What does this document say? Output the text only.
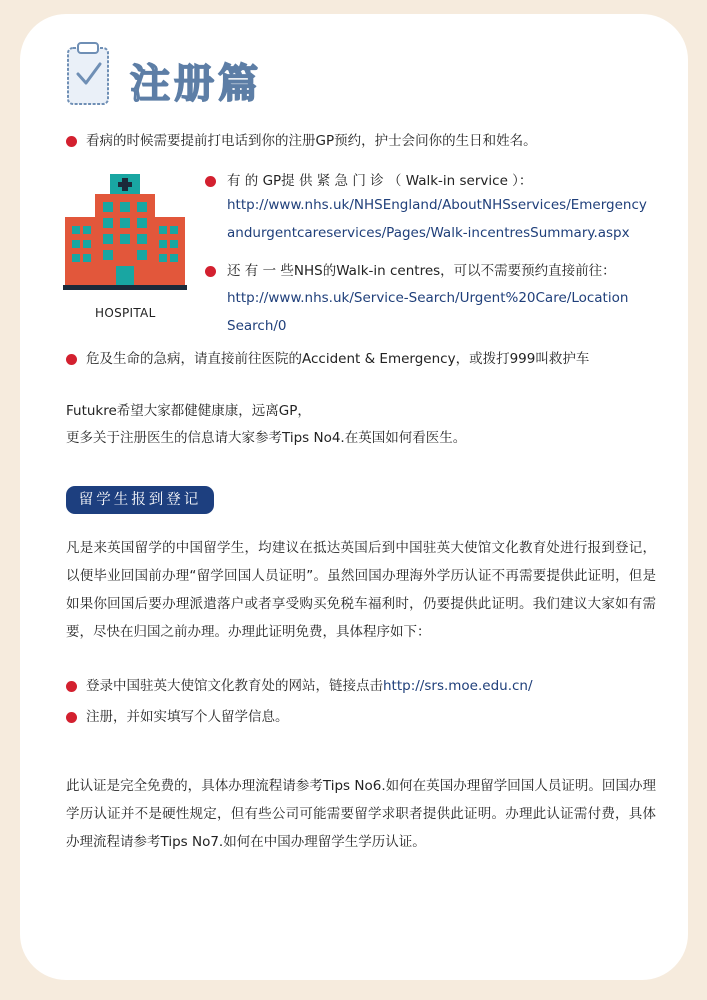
注册篇
看病的时候需要提前打电话到你的注册GP预约，护士会问你的生日和姓名。
HOSPITAL
有 的 GP提 供 紧 急 门 诊 （ Walk-in service ）：
http://www.nhs.uk/NHSEngland/AboutNHSservices/Emergency
andurgentcareservices/Pages/Walk-incentresSummary.aspx
还 有 一 些NHS的Walk-in centres，可以不需要预约直接前往：
http://www.nhs.uk/Service-Search/Urgent%20Care/Location
Search/0
危及生命的急病，请直接前往医院的Accident & Emergency，或拨打999叫救护车
Futukre希望大家都健健康康，远离GP，
更多关于注册医生的信息请大家参考Tips No4.在英国如何看医生。
留学生报到登记
凡是来英国留学的中国留学生，均建议在抵达英国后到中国驻英大使馆文化教育处进行报到登记，以便毕业回国前办理“留学回国人员证明”。虽然回国办理海外学历认证不再需要提供此证明，但是如果你回国后要办理派遣落户或者享受购买免税车福利时，仍要提供此证明。我们建议大家如有需要，尽快在归国之前办理。办理此证明免费，具体程序如下：
登录中国驻英大使馆文化教育处的网站，链接点击http://srs.moe.edu.cn/
注册，并如实填写个人留学信息。
此认证是完全免费的，具体办理流程请参考Tips No6.如何在英国办理留学回国人员证明。回国办理学历认证并不是硬性规定，但有些公司可能需要留学求职者提供此证明。办理此认证需付费，具体办理流程请参考Tips No7.如何在中国办理留学生学历认证。
